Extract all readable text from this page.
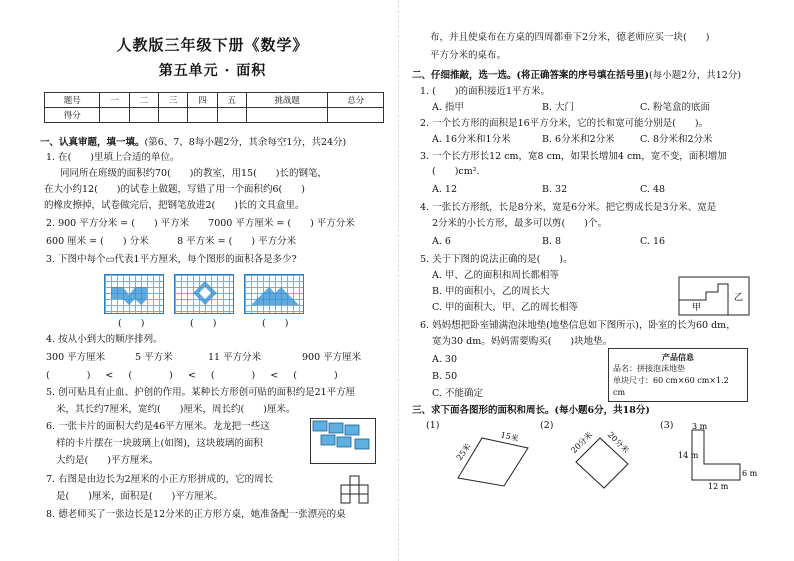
人教版三年级下册《数学》
第五单元 · 面积
题号	一	二	三	四	五	挑战题	总分
得分							
一、认真审题，填一填。(第6、7、8每小题2分，其余每空1分，共24分)
1. 在(　　)里填上合适的单位。
同同所在班级的面积约70(　　)的教室，用15(　　)长的钢笔，
在大小约12(　　)的试卷上做题，写错了用一个面积约6(　　)
的橡皮擦掉，试卷做完后，把钢笔放进2(　　)长的文具盒里。
2. 900 平方分米 = (　　) 平方米　　7000 平方厘米 = (　　) 平方分米
600 厘米 = (　　) 分米　　　8 平方米 = (　　) 平方分米
3. 下图中每个▭代表1平方厘米，每个图形的面积各是多少?
(　　)	(　　)	(　　)
4. 按从小到大的顺序排列。
300 平方厘米	5 平方米	11 平方分米	900 平方厘米
(　　) < (　　) < (　　) < (　　)
5. 创可贴具有止血、护创的作用。某种长方形创可贴的面积约是21平方厘
米，其长约7厘米，宽约(　　)厘米，周长约(　　)厘米。
6. 一张卡片的面积大约是46平方厘米。龙龙把一些这
样的卡片摆在一块玻璃上(如图)，这块玻璃的面积
大约是(　　)平方厘米。
7. 右图是由边长为2厘米的小正方形拼成的，它的周长
是(　　)厘米，面积是(　　)平方厘米。
8. 德老师买了一张边长是12分米的正方形方桌，她准备配一张漂亮的桌
布，并且使桌布在方桌的四周都垂下2分米，德老师应买一块(　　)
平方分米的桌布。
二、仔细推敲，选一选。(将正确答案的序号填在括号里)(每小题2分，共12分)
1. (　　)的面积接近1平方米。
A. 指甲	B. 大门	C. 粉笔盒的底面
2. 一个长方形的面积是16平方分米，它的长和宽可能分别是(　　)。
A. 16分米和1分米	B. 6分米和2分米	C. 8分米和2分米
3. 一个长方形长12 cm，宽8 cm，如果长增加4 cm，宽不变，面积增加
(　　)cm².
A. 12	B. 32	C. 48
4. 一张长方形纸，长是8分米，宽是6分米。把它剪成长是3分米、宽是
2分米的小长方形，最多可以剪(　　)个。
A. 6	B. 8	C. 16
5. 关于下图的说法正确的是(　　)。
A. 甲、乙的面积和周长都相等
B. 甲的面积小，乙的周长大
C. 甲的面积大，甲、乙的周长相等	甲
乙
6. 妈妈想把卧室铺满泡沫地垫(地垫信息如下图所示)，卧室的长为60 dm，
宽为30 dm。妈妈需要购买(　　)块地垫。
A. 30
B. 50
C. 不能确定
产品信息
品名：拼接泡沫地垫
单块尺寸：60 cm×60 cm×1.2 cm
三、求下面各图形的面积和周长。(每小题6分，共18分)
(1)	(2)	(3)
25米
15米	20分米 20分米
3 m
14 m
6 m
12 m
